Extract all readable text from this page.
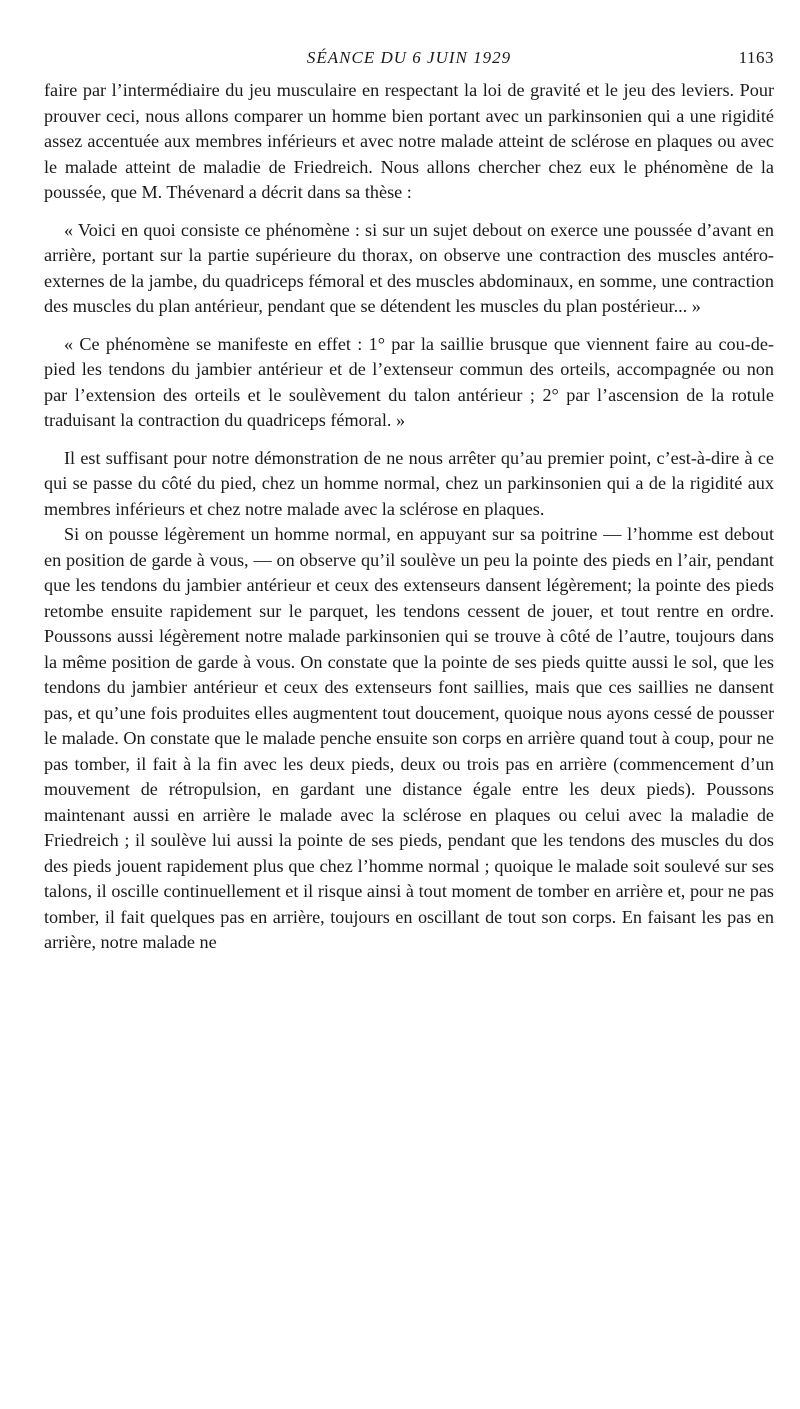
SÉANCE DU 6 JUIN 1929	1163

faire par l’intermédiaire du jeu musculaire en respectant la loi de gravité et le jeu des leviers. Pour prouver ceci, nous allons comparer un homme bien portant avec un parkinsonien qui a une rigidité assez accentuée aux membres inférieurs et avec notre malade atteint de sclérose en plaques ou avec le malade atteint de maladie de Friedreich. Nous allons chercher chez eux le phénomène de la poussée, que M. Thévenard a décrit dans sa thèse :

« Voici en quoi consiste ce phénomène : si sur un sujet debout on exerce une poussée d’avant en arrière, portant sur la partie supérieure du thorax, on observe une contraction des muscles antéro-externes de la jambe, du quadriceps fémoral et des muscles abdominaux, en somme, une contraction des muscles du plan antérieur, pendant que se détendent les muscles du plan postérieur... »

« Ce phénomène se manifeste en effet : 1° par la saillie brusque que viennent faire au cou-de-pied les tendons du jambier antérieur et de l’extenseur commun des orteils, accompagnée ou non par l’extension des orteils et le soulèvement du talon antérieur ; 2° par l’ascension de la rotule traduisant la contraction du quadriceps fémoral. »

Il est suffisant pour notre démonstration de ne nous arrêter qu’au premier point, c’est-à-dire à ce qui se passe du côté du pied, chez un homme normal, chez un parkinsonien qui a de la rigidité aux membres inférieurs et chez notre malade avec la sclérose en plaques.

Si on pousse légèrement un homme normal, en appuyant sur sa poitrine — l’homme est debout en position de garde à vous, — on observe qu’il soulève un peu la pointe des pieds en l’air, pendant que les tendons du jambier antérieur et ceux des extenseurs dansent légèrement; la pointe des pieds retombe ensuite rapidement sur le parquet, les tendons cessent de jouer, et tout rentre en ordre. Poussons aussi légèrement notre malade parkinsonien qui se trouve à côté de l’autre, toujours dans la même position de garde à vous. On constate que la pointe de ses pieds quitte aussi le sol, que les tendons du jambier antérieur et ceux des extenseurs font saillies, mais que ces saillies ne dansent pas, et qu’une fois produites elles augmentent tout doucement, quoique nous ayons cessé de pousser le malade. On constate que le malade penche ensuite son corps en arrière quand tout à coup, pour ne pas tomber, il fait à la fin avec les deux pieds, deux ou trois pas en arrière (commencement d’un mouvement de rétropulsion, en gardant une distance égale entre les deux pieds). Poussons maintenant aussi en arrière le malade avec la sclérose en plaques ou celui avec la maladie de Friedreich ; il soulève lui aussi la pointe de ses pieds, pendant que les tendons des muscles du dos des pieds jouent rapidement plus que chez l’homme normal ; quoique le malade soit soulevé sur ses talons, il oscille continuellement et il risque ainsi à tout moment de tomber en arrière et, pour ne pas tomber, il fait quelques pas en arrière, toujours en oscillant de tout son corps. En faisant les pas en arrière, notre malade ne
